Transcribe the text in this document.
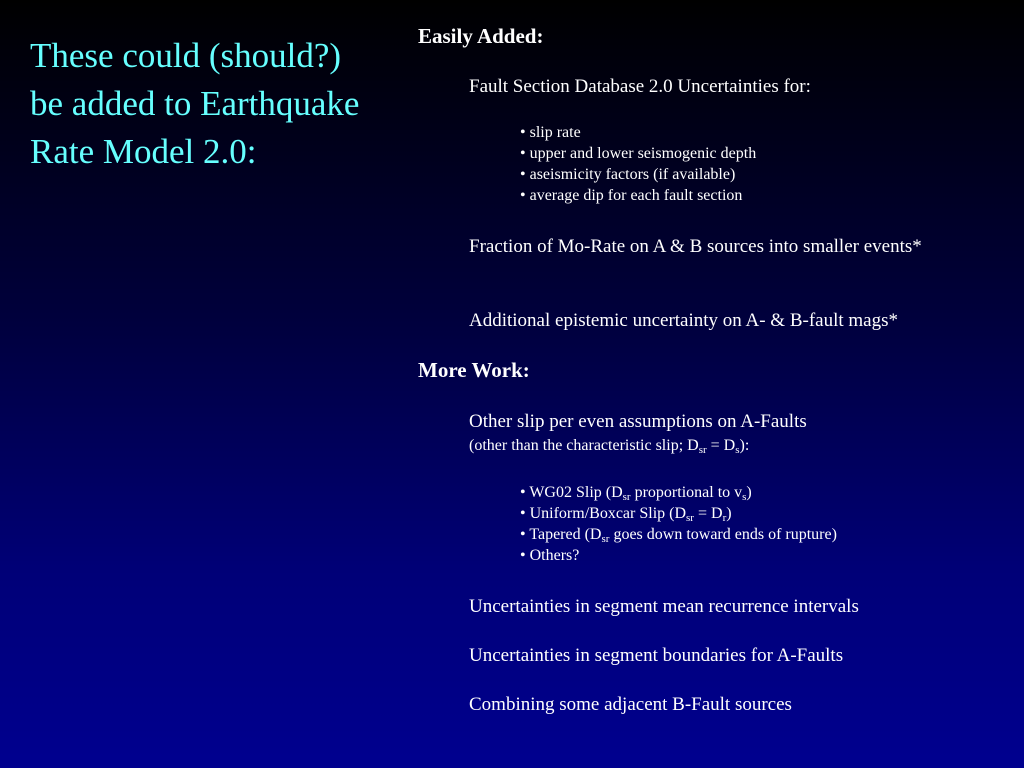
These could (should?) be added to Earthquake Rate Model 2.0:
Easily Added:
Fault Section Database 2.0 Uncertainties for:
• slip rate
• upper and lower seismogenic depth
• aseismicity factors (if available)
• average dip for each fault section
Fraction of Mo-Rate on A & B sources into smaller events*
Additional epistemic uncertainty on A- & B-fault mags*
More Work:
Other slip per even assumptions on A-Faults
(other than the characteristic slip; $D_{sr} = D_s$):
• WG02 Slip ($D_{sr}$ proportional to $v_s$)
• Uniform/Boxcar Slip $(D_{sr} = D_r)$
• Tapered ($D_{sr}$ goes down toward ends of rupture)
• Others?
Uncertainties in segment mean recurrence intervals
Uncertainties in segment boundaries for A-Faults
Combining some adjacent B-Fault sources
